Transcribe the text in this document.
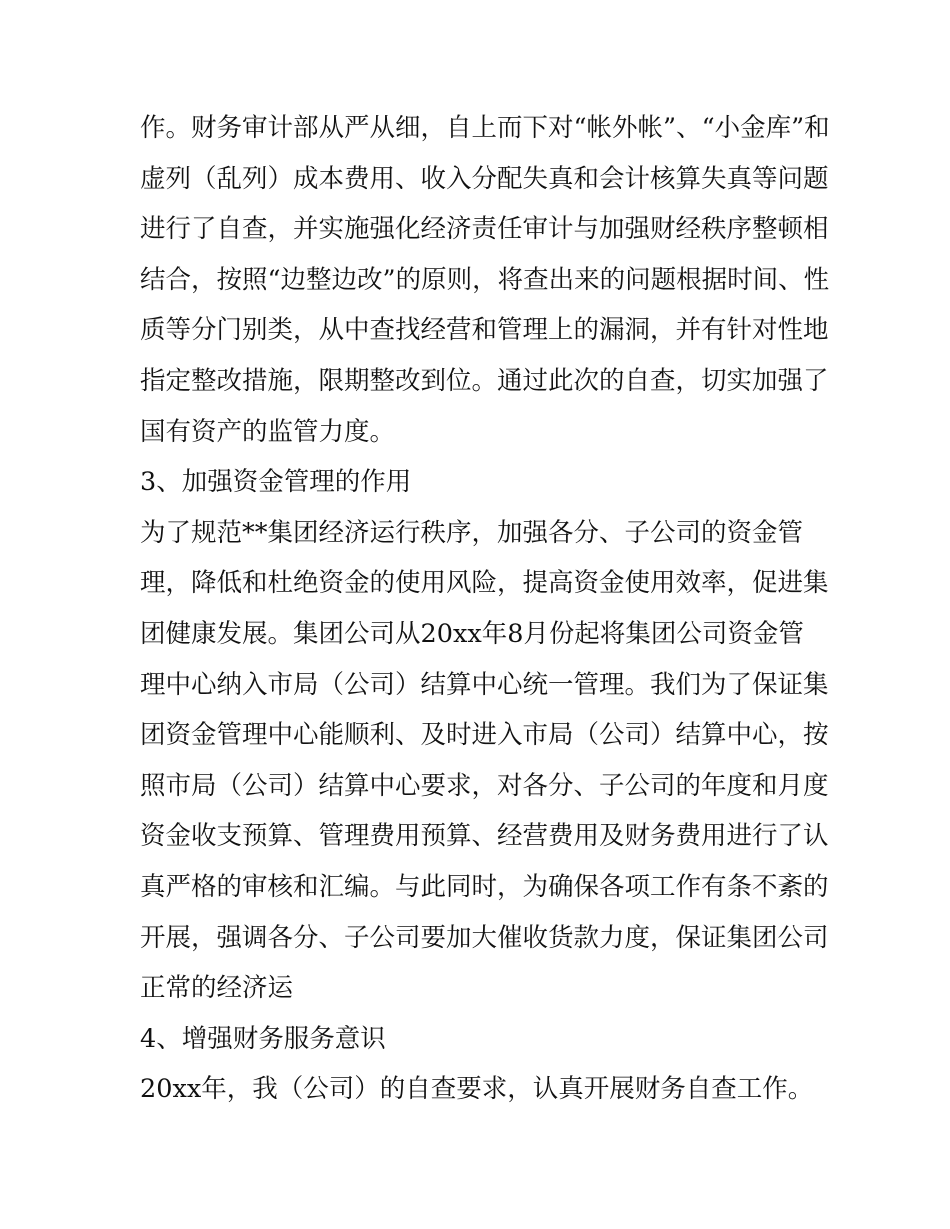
作。财务审计部从严从细，自上而下对“帐外帐”、“小金库”和
虚列（乱列）成本费用、收入分配失真和会计核算失真等问题
进行了自查，并实施强化经济责任审计与加强财经秩序整顿相
结合，按照“边整边改”的原则，将查出来的问题根据时间、性
质等分门别类，从中查找经营和管理上的漏洞，并有针对性地
指定整改措施，限期整改到位。通过此次的自查，切实加强了
国有资产的监管力度。
3、加强资金管理的作用
为了规范**集团经济运行秩序，加强各分、子公司的资金管
理，降低和杜绝资金的使用风险，提高资金使用效率，促进集
团健康发展。集团公司从20xx年8月份起将集团公司资金管
理中心纳入市局（公司）结算中心统一管理。我们为了保证集
团资金管理中心能顺利、及时进入市局（公司）结算中心，按
照市局（公司）结算中心要求，对各分、子公司的年度和月度
资金收支预算、管理费用预算、经营费用及财务费用进行了认
真严格的审核和汇编。与此同时，为确保各项工作有条不紊的
开展，强调各分、子公司要加大催收货款力度，保证集团公司
正常的经济运
4、增强财务服务意识
20xx年，我（公司）的自查要求，认真开展财务自查工作。
